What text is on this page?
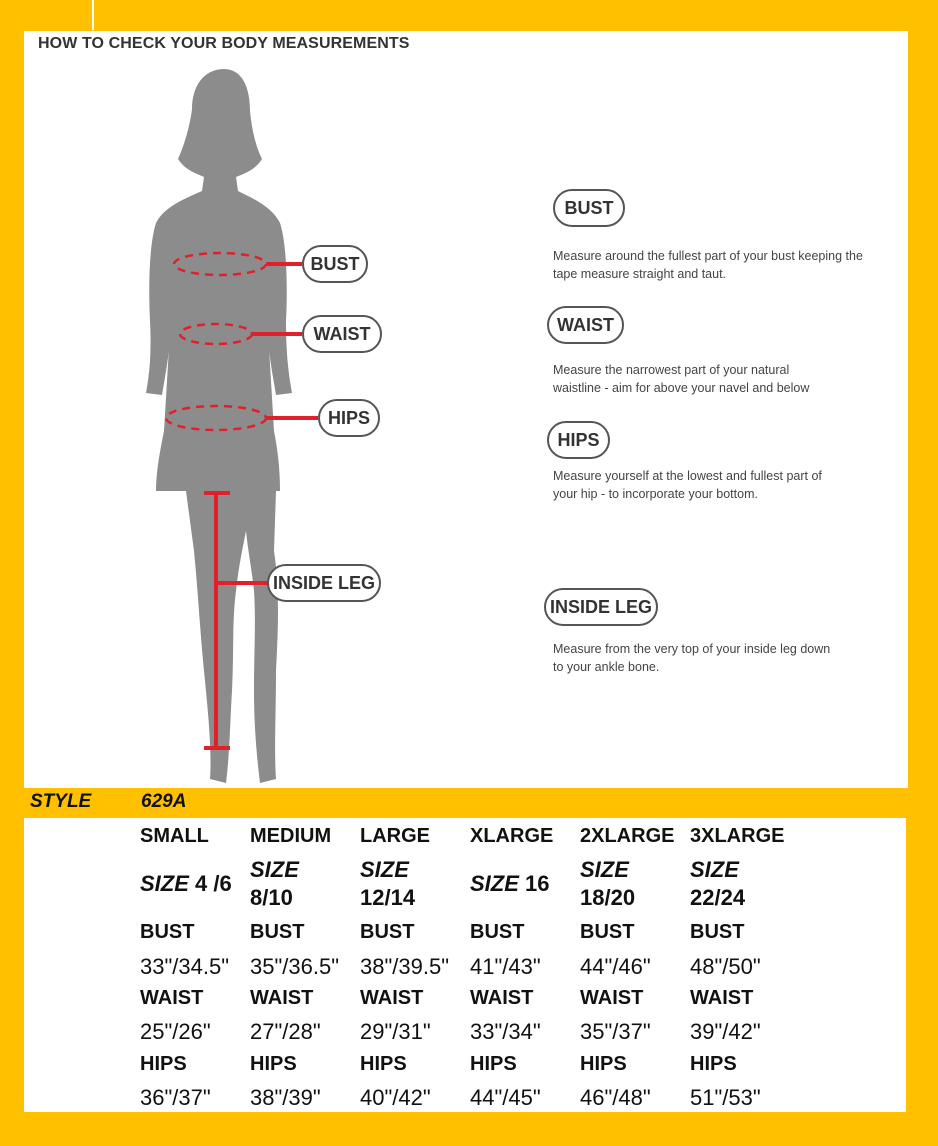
HOW TO CHECK YOUR BODY MEASUREMENTS
BUST
WAIST
HIPS
INSIDE LEG
BUST
Measure around the fullest part of your bust keeping the tape measure straight and taut.
WAIST
Measure the narrowest part of your natural waistline - aim for above your navel and below
HIPS
Measure yourself at the lowest and fullest part of your hip - to incorporate your bottom.
INSIDE LEG
Measure from the very top of your inside leg down to your ankle bone.
STYLE	629A
SMALL
SIZE 4 /6
BUST
33"/34.5"
WAIST
25"/26"
HIPS
36"/37"
MEDIUM
SIZE
8/10
BUST
35"/36.5"
WAIST
27"/28"
HIPS
38"/39"
LARGE
SIZE
12/14
BUST
38"/39.5"
WAIST
29"/31"
HIPS
40"/42"
XLARGE
SIZE 16
BUST
41"/43"
WAIST
33"/34"
HIPS
44"/45"
2XLARGE
SIZE
18/20
BUST
44"/46"
WAIST
35"/37"
HIPS
46"/48"
3XLARGE
SIZE
22/24
BUST
48"/50"
WAIST
39"/42"
HIPS
51"/53"
